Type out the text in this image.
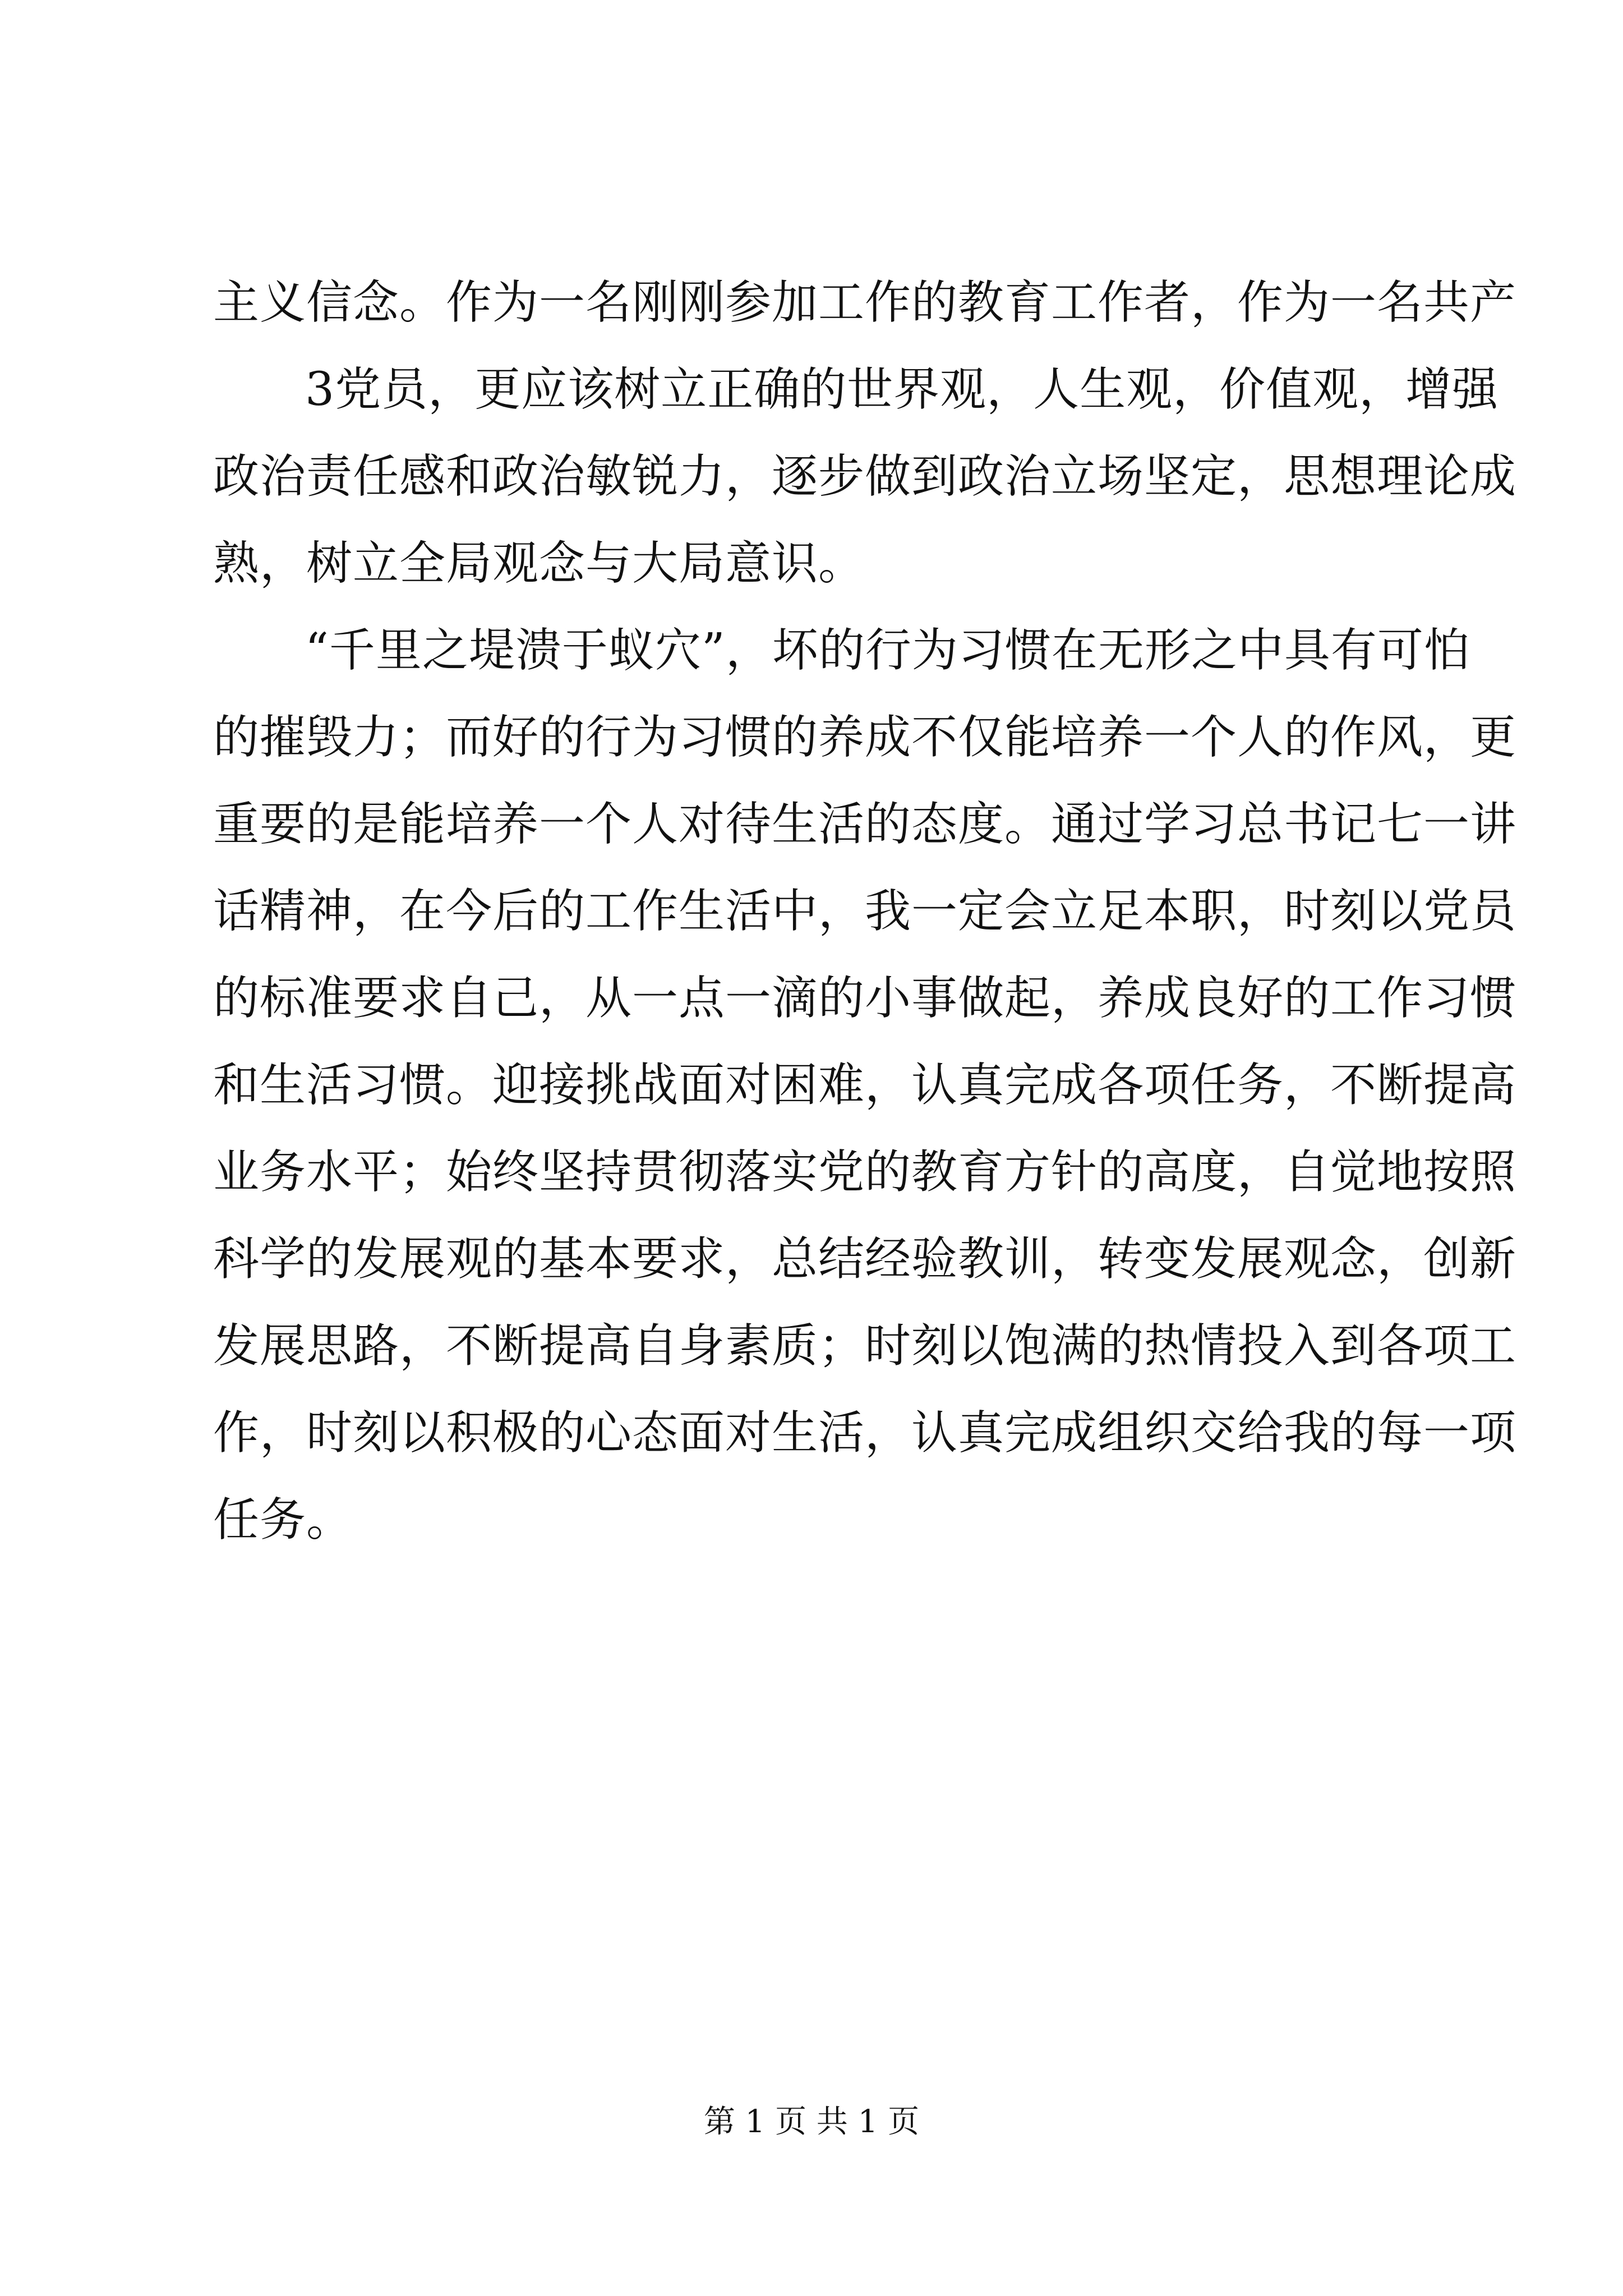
主义信念。作为一名刚刚参加工作的教育工作者，作为一名共产
3党员，更应该树立正确的世界观，人生观，价值观，增强
政治责任感和政治敏锐力，逐步做到政治立场坚定，思想理论成
熟，树立全局观念与大局意识。
“千里之堤溃于蚁穴”，坏的行为习惯在无形之中具有可怕
的摧毁力；而好的行为习惯的养成不仅能培养一个人的作风，更
重要的是能培养一个人对待生活的态度。通过学习总书记七一讲
话精神，在今后的工作生活中，我一定会立足本职，时刻以党员
的标准要求自己，从一点一滴的小事做起，养成良好的工作习惯
和生活习惯。迎接挑战面对困难，认真完成各项任务，不断提高
业务水平；始终坚持贯彻落实党的教育方针的高度，自觉地按照
科学的发展观的基本要求，总结经验教训，转变发展观念，创新
发展思路，不断提高自身素质；时刻以饱满的热情投入到各项工
作，时刻以积极的心态面对生活，认真完成组织交给我的每一项
任务。
第 1 页 共 1 页
